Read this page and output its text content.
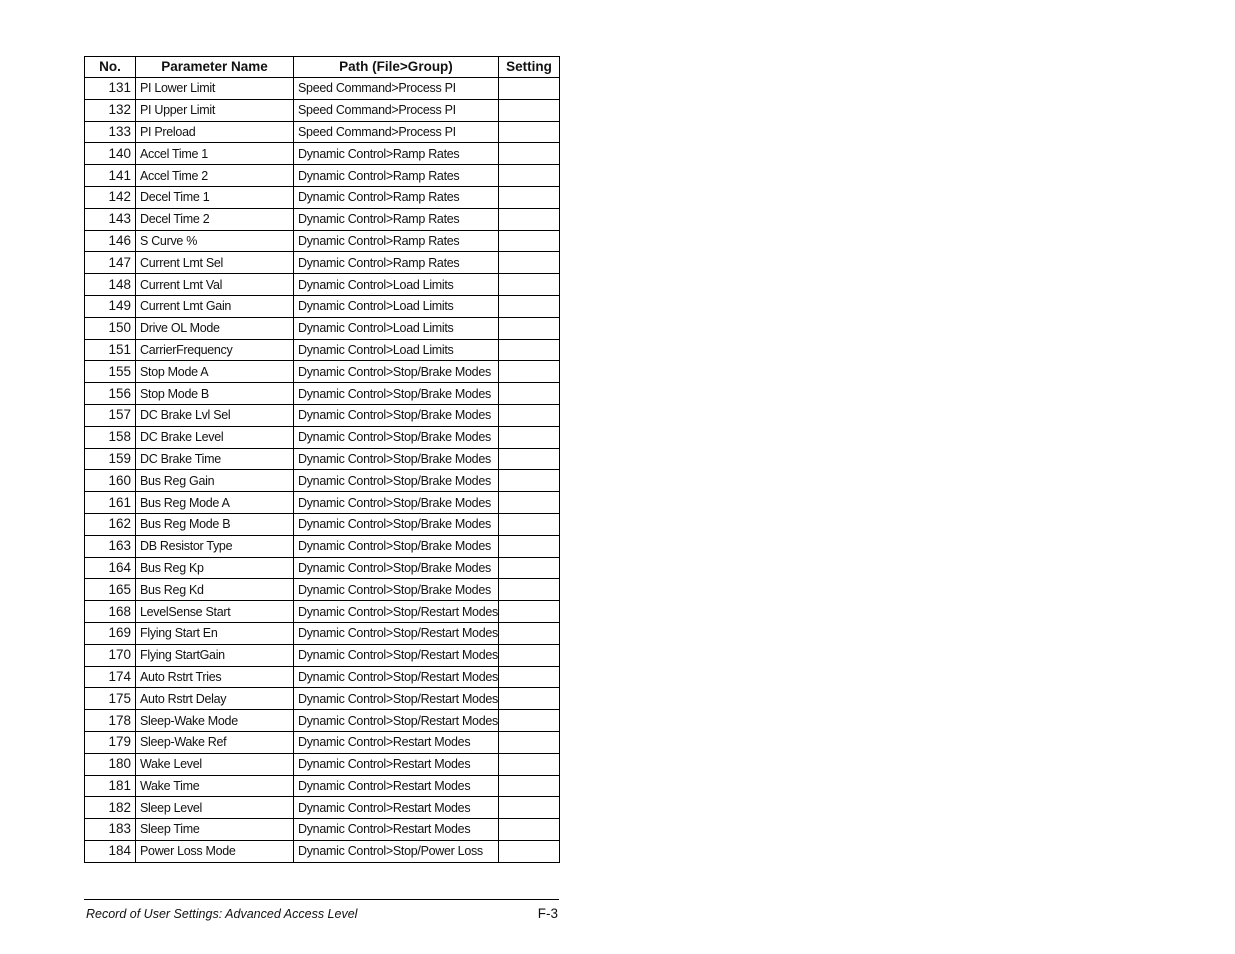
No.	Parameter Name	Path (File>Group)	Setting
131	PI Lower Limit	Speed Command>Process PI	
132	PI Upper Limit	Speed Command>Process PI	
133	PI Preload	Speed Command>Process PI	
140	Accel Time 1	Dynamic Control>Ramp Rates	
141	Accel Time 2	Dynamic Control>Ramp Rates	
142	Decel Time 1	Dynamic Control>Ramp Rates	
143	Decel Time 2	Dynamic Control>Ramp Rates	
146	S Curve %	Dynamic Control>Ramp Rates	
147	Current Lmt Sel	Dynamic Control>Ramp Rates	
148	Current Lmt Val	Dynamic Control>Load Limits	
149	Current Lmt Gain	Dynamic Control>Load Limits	
150	Drive OL Mode	Dynamic Control>Load Limits	
151	CarrierFrequency	Dynamic Control>Load Limits	
155	Stop Mode A	Dynamic Control>Stop/Brake Modes	
156	Stop Mode B	Dynamic Control>Stop/Brake Modes	
157	DC Brake Lvl Sel	Dynamic Control>Stop/Brake Modes	
158	DC Brake Level	Dynamic Control>Stop/Brake Modes	
159	DC Brake Time	Dynamic Control>Stop/Brake Modes	
160	Bus Reg Gain	Dynamic Control>Stop/Brake Modes	
161	Bus Reg Mode A	Dynamic Control>Stop/Brake Modes	
162	Bus Reg Mode B	Dynamic Control>Stop/Brake Modes	
163	DB Resistor Type	Dynamic Control>Stop/Brake Modes	
164	Bus Reg Kp	Dynamic Control>Stop/Brake Modes	
165	Bus Reg Kd	Dynamic Control>Stop/Brake Modes	
168	LevelSense Start	Dynamic Control>Stop/Restart Modes	
169	Flying Start En	Dynamic Control>Stop/Restart Modes	
170	Flying StartGain	Dynamic Control>Stop/Restart Modes	
174	Auto Rstrt Tries	Dynamic Control>Stop/Restart Modes	
175	Auto Rstrt Delay	Dynamic Control>Stop/Restart Modes	
178	Sleep-Wake Mode	Dynamic Control>Stop/Restart Modes	
179	Sleep-Wake Ref	Dynamic Control>Restart Modes	
180	Wake Level	Dynamic Control>Restart Modes	
181	Wake Time	Dynamic Control>Restart Modes	
182	Sleep Level	Dynamic Control>Restart Modes	
183	Sleep Time	Dynamic Control>Restart Modes	
184	Power Loss Mode	Dynamic Control>Stop/Power Loss	
Record of User Settings: Advanced Access Level	F-3
